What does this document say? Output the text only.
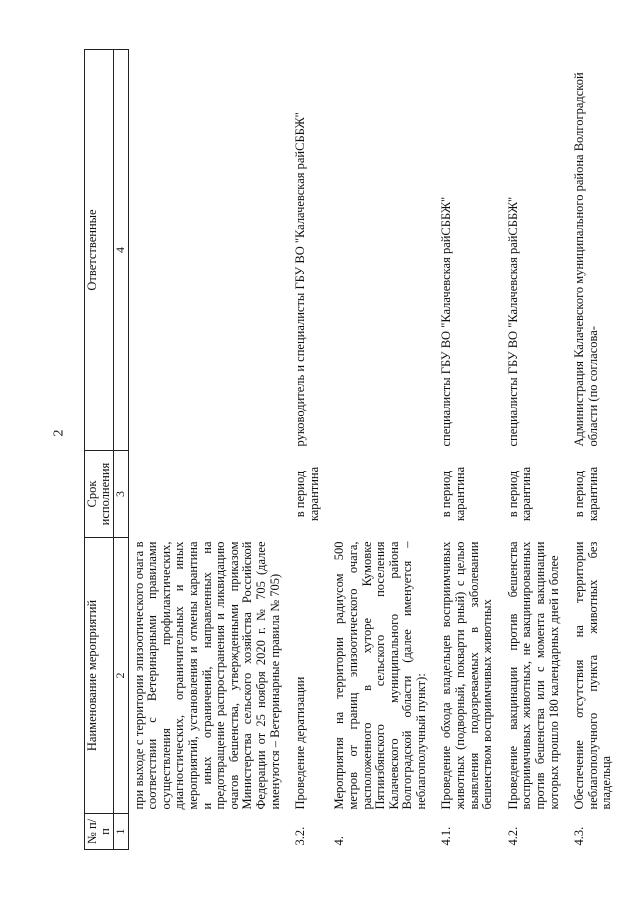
2
№ п/п	Наименование мероприятий	Срок исполнения	Ответственные
1	2	3	4
	при выходе с территории эпизоотического очага в соответствии с Ветеринарными правилами осуществления профилактических, диагностических, ограничительных и иных мероприятий, установления и отмены карантина и иных ограничений, направленных на предотвращение распространения и ликвидацию очагов бешенства, утвержденными приказом Министерства сельского хозяйства Российской Федерации от 25 ноября 2020 г. № 705 (далее именуются – Ветеринарные правила № 705)		
3.2.	Проведение дератизации	в период карантина	руководитель и специалисты ГБУ ВО "Калачевская райСББЖ"
4.	Мероприятия на территории радиусом 500 метров от границ эпизоотического очага, расположенного в хуторе Кумовке Пятиизбянского сельского поселения Калачевского муниципального района Волгоградской области (далее именуется – неблагополучный пункт):		
4.1.	Проведение обхода владельцев восприимчивых животных (подворный, покварти рный) с целью выявления подозреваемых в заболевании бешенством восприимчивых животных	в период карантина	специалисты ГБУ ВО "Калачевская райСББЖ"
4.2.	Проведение вакцинации против бешенства восприимчивых животных, не вакцинированных против бешенства или с момента вакцинации которых прошло 180 календарных дней и более	в период карантина	специалисты ГБУ ВО "Калачевская райСББЖ"
4.3.	Обеспечение отсутствия на территории неблагополучного пункта животных без владельца	в период карантина	Администрация Калачевского муниципального района Волгоградской области (по согласова-
